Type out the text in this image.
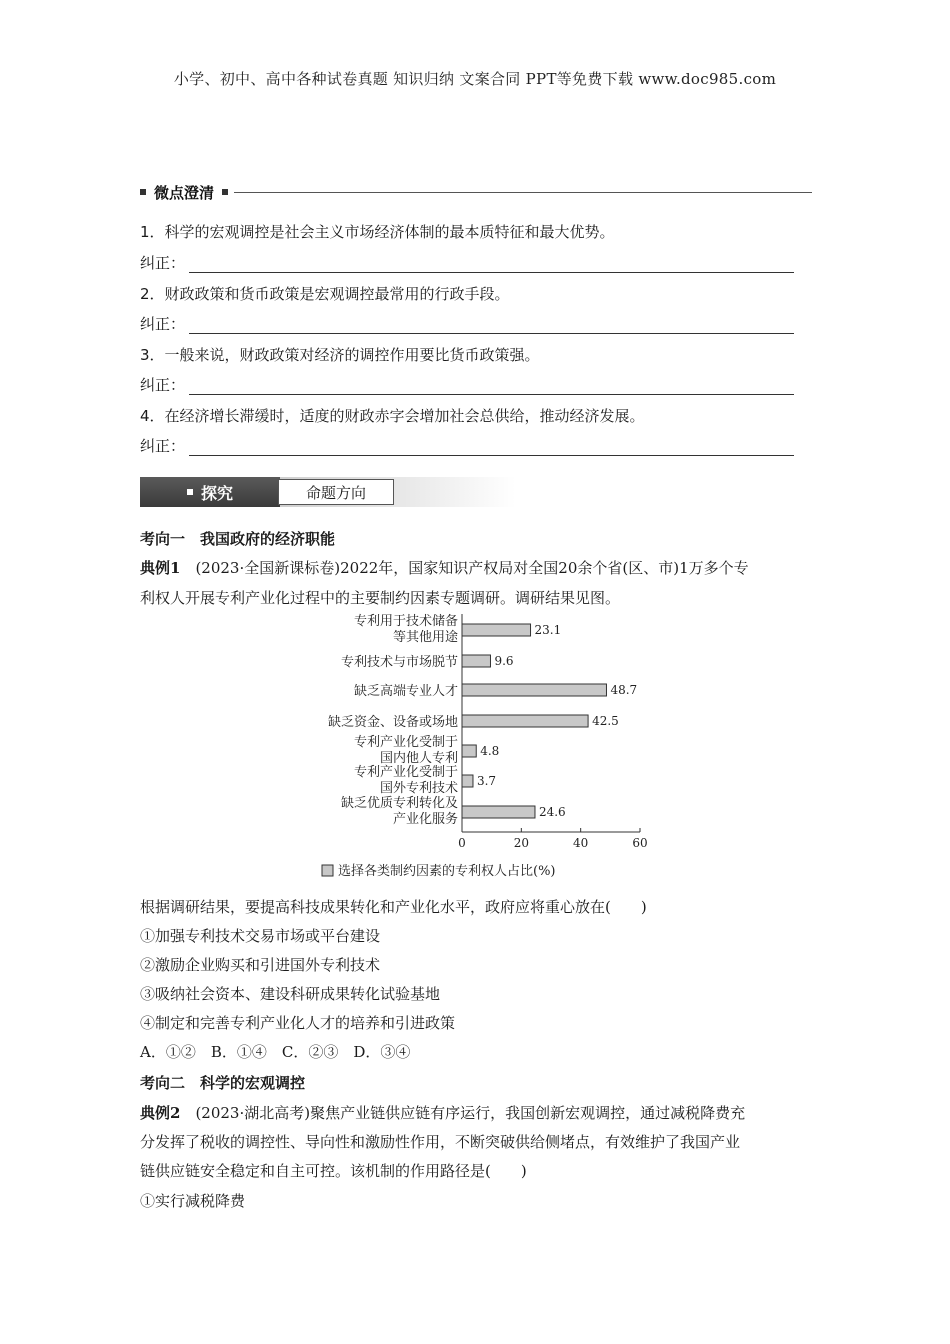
小学、初中、高中各种试卷真题 知识归纳 文案合同 PPT等免费下载 www.doc985.com
微点澄清
1．科学的宏观调控是社会主义市场经济体制的最本质特征和最大优势。
纠正：
2．财政政策和货币政策是宏观调控最常用的行政手段。
纠正：
3．一般来说，财政政策对经济的调控作用要比货币政策强。
纠正：
4．在经济增长滞缓时，适度的财政赤字会增加社会总供给，推动经济发展。
纠正：
探究	命题方向
考向一　我国政府的经济职能
典例1　 (2023·全国新课标卷)2022年，国家知识产权局对全国20余个省(区、市)1万多个专
利权人开展专利产业化过程中的主要制约因素专题调研。调研结果见图。
0	20	40	60
23.1
专利用于技术储备
等其他用途
9.6
专利技术与市场脱节
48.7
缺乏高端专业人才
42.5
缺乏资金、设备或场地
4.8
专利产业化受制于
国内他人专利
3.7
专利产业化受制于
国外专利技术
24.6
缺乏优质专利转化及
产业化服务
选择各类制约因素的专利权人占比(%)
根据调研结果，要提高科技成果转化和产业化水平，政府应将重心放在(　　)
①加强专利技术交易市场或平台建设
②激励企业购买和引进国外专利技术
③吸纳社会资本、建设科研成果转化试验基地
④制定和完善专利产业化人才的培养和引进政策
A．①②　B．①④　C．②③　D．③④
考向二　科学的宏观调控
典例2　 (2023·湖北高考)聚焦产业链供应链有序运行，我国创新宏观调控，通过减税降费充
分发挥了税收的调控性、导向性和激励性作用，不断突破供给侧堵点，有效维护了我国产业
链供应链安全稳定和自主可控。该机制的作用路径是(　　)
①实行减税降费
